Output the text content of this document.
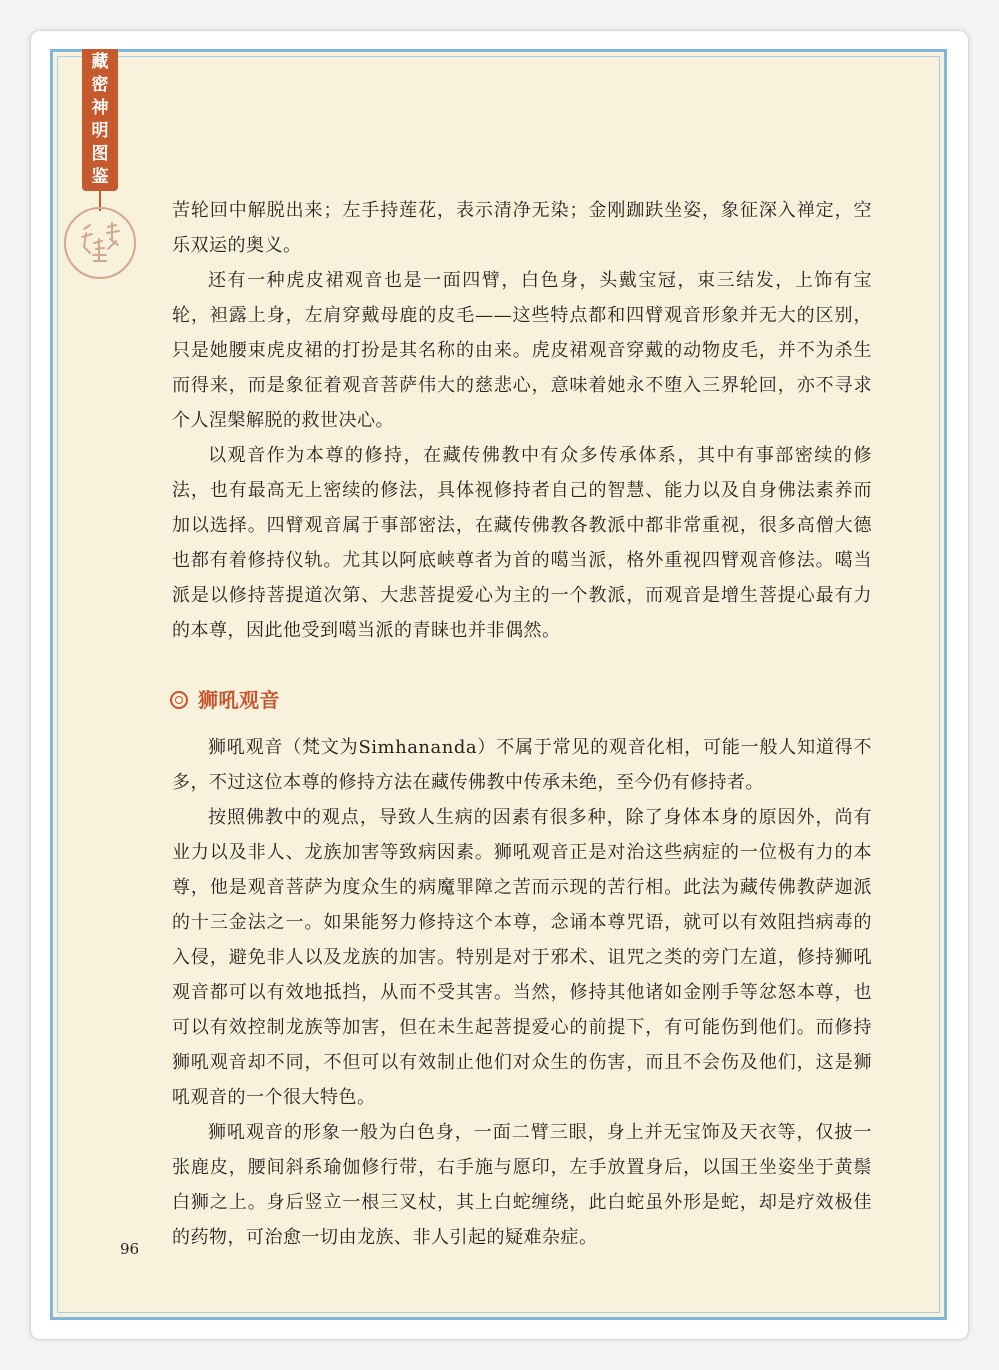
藏
密
神
明
图
鉴

苦轮回中解脱出来；左手持莲花，表示清净无染；金刚跏趺坐姿，象征深入禅定，空乐双运的奥义。

还有一种虎皮裙观音也是一面四臂，白色身，头戴宝冠，束三结发，上饰有宝轮，袒露上身，左肩穿戴母鹿的皮毛——这些特点都和四臂观音形象并无大的区别，只是她腰束虎皮裙的打扮是其名称的由来。虎皮裙观音穿戴的动物皮毛，并不为杀生而得来，而是象征着观音菩萨伟大的慈悲心，意味着她永不堕入三界轮回，亦不寻求个人涅槃解脱的救世决心。

以观音作为本尊的修持，在藏传佛教中有众多传承体系，其中有事部密续的修法，也有最高无上密续的修法，具体视修持者自己的智慧、能力以及自身佛法素养而加以选择。四臂观音属于事部密法，在藏传佛教各教派中都非常重视，很多高僧大德也都有着修持仪轨。尤其以阿底峡尊者为首的噶当派，格外重视四臂观音修法。噶当派是以修持菩提道次第、大悲菩提爱心为主的一个教派，而观音是增生菩提心最有力的本尊，因此他受到噶当派的青睐也并非偶然。

狮吼观音

狮吼观音（梵文为Simhananda）不属于常见的观音化相，可能一般人知道得不多，不过这位本尊的修持方法在藏传佛教中传承未绝，至今仍有修持者。

按照佛教中的观点，导致人生病的因素有很多种，除了身体本身的原因外，尚有业力以及非人、龙族加害等致病因素。狮吼观音正是对治这些病症的一位极有力的本尊，他是观音菩萨为度众生的病魔罪障之苦而示现的苦行相。此法为藏传佛教萨迦派的十三金法之一。如果能努力修持这个本尊，念诵本尊咒语，就可以有效阻挡病毒的入侵，避免非人以及龙族的加害。特别是对于邪术、诅咒之类的旁门左道，修持狮吼观音都可以有效地抵挡，从而不受其害。当然，修持其他诸如金刚手等忿怒本尊，也可以有效控制龙族等加害，但在未生起菩提爱心的前提下，有可能伤到他们。而修持狮吼观音却不同，不但可以有效制止他们对众生的伤害，而且不会伤及他们，这是狮吼观音的一个很大特色。

狮吼观音的形象一般为白色身，一面二臂三眼，身上并无宝饰及天衣等，仅披一张鹿皮，腰间斜系瑜伽修行带，右手施与愿印，左手放置身后，以国王坐姿坐于黄鬃白狮之上。身后竖立一根三叉杖，其上白蛇缠绕，此白蛇虽外形是蛇，却是疗效极佳的药物，可治愈一切由龙族、非人引起的疑难杂症。

96
